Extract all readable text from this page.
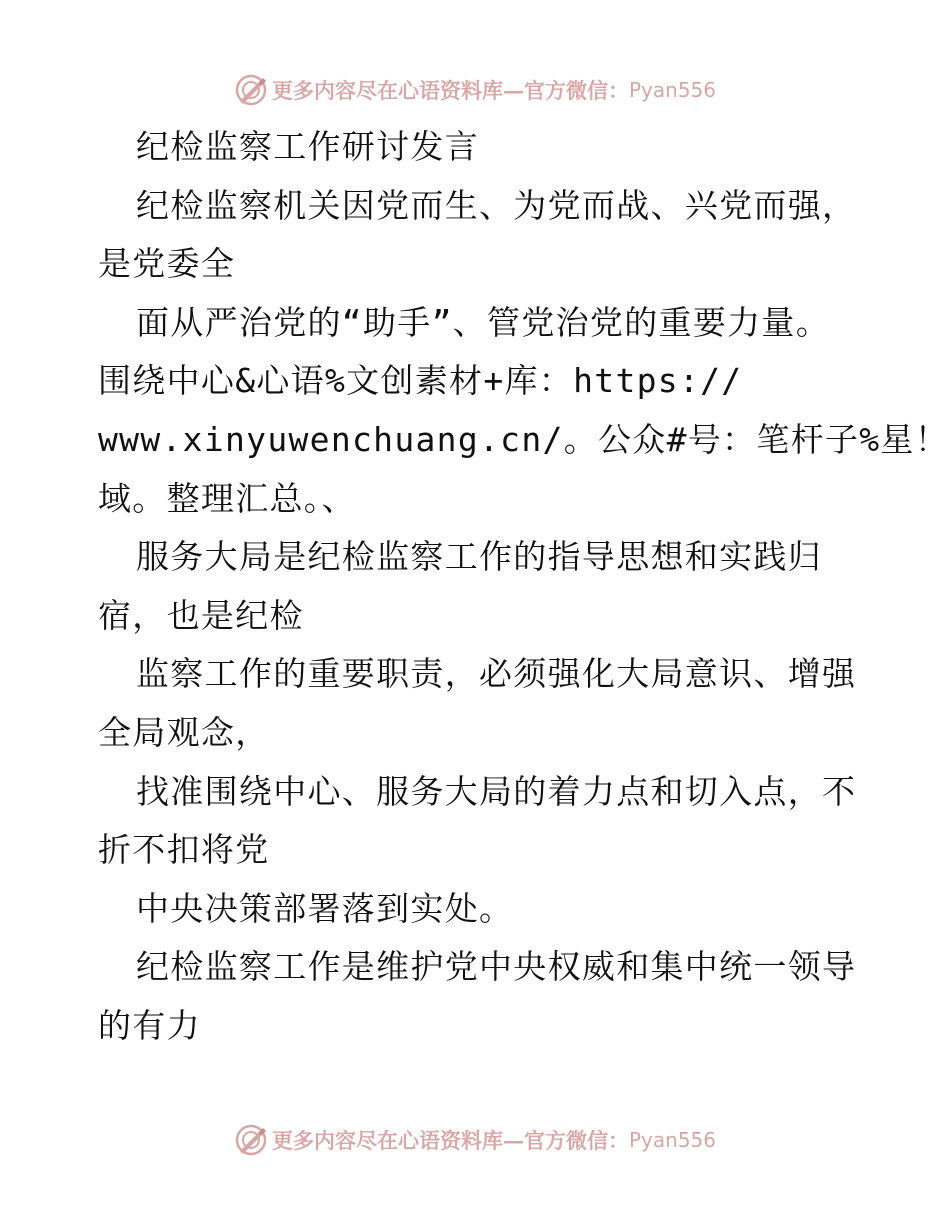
更多内容尽在心语资料库 — 官方微信： Pyan556
纪检监察工作研讨发言
纪检监察机关因党而生、为党而战、兴党而强，
是党委全
面从严治党的“助手”、管党治党的重要力量。
围绕中心&心语%文创素材+库：https://
www.xinyuwenchuang.cn/。公众#号：笔杆子%星！
域。整理汇总。、
服务大局是纪检监察工作的指导思想和实践归
宿，也是纪检
监察工作的重要职责，必须强化大局意识、增强
全局观念，
找准围绕中心、服务大局的着力点和切入点，不
折不扣将党
中央决策部署落到实处。
纪检监察工作是维护党中央权威和集中统一领导
的有力
更多内容尽在心语资料库 — 官方微信： Pyan556
